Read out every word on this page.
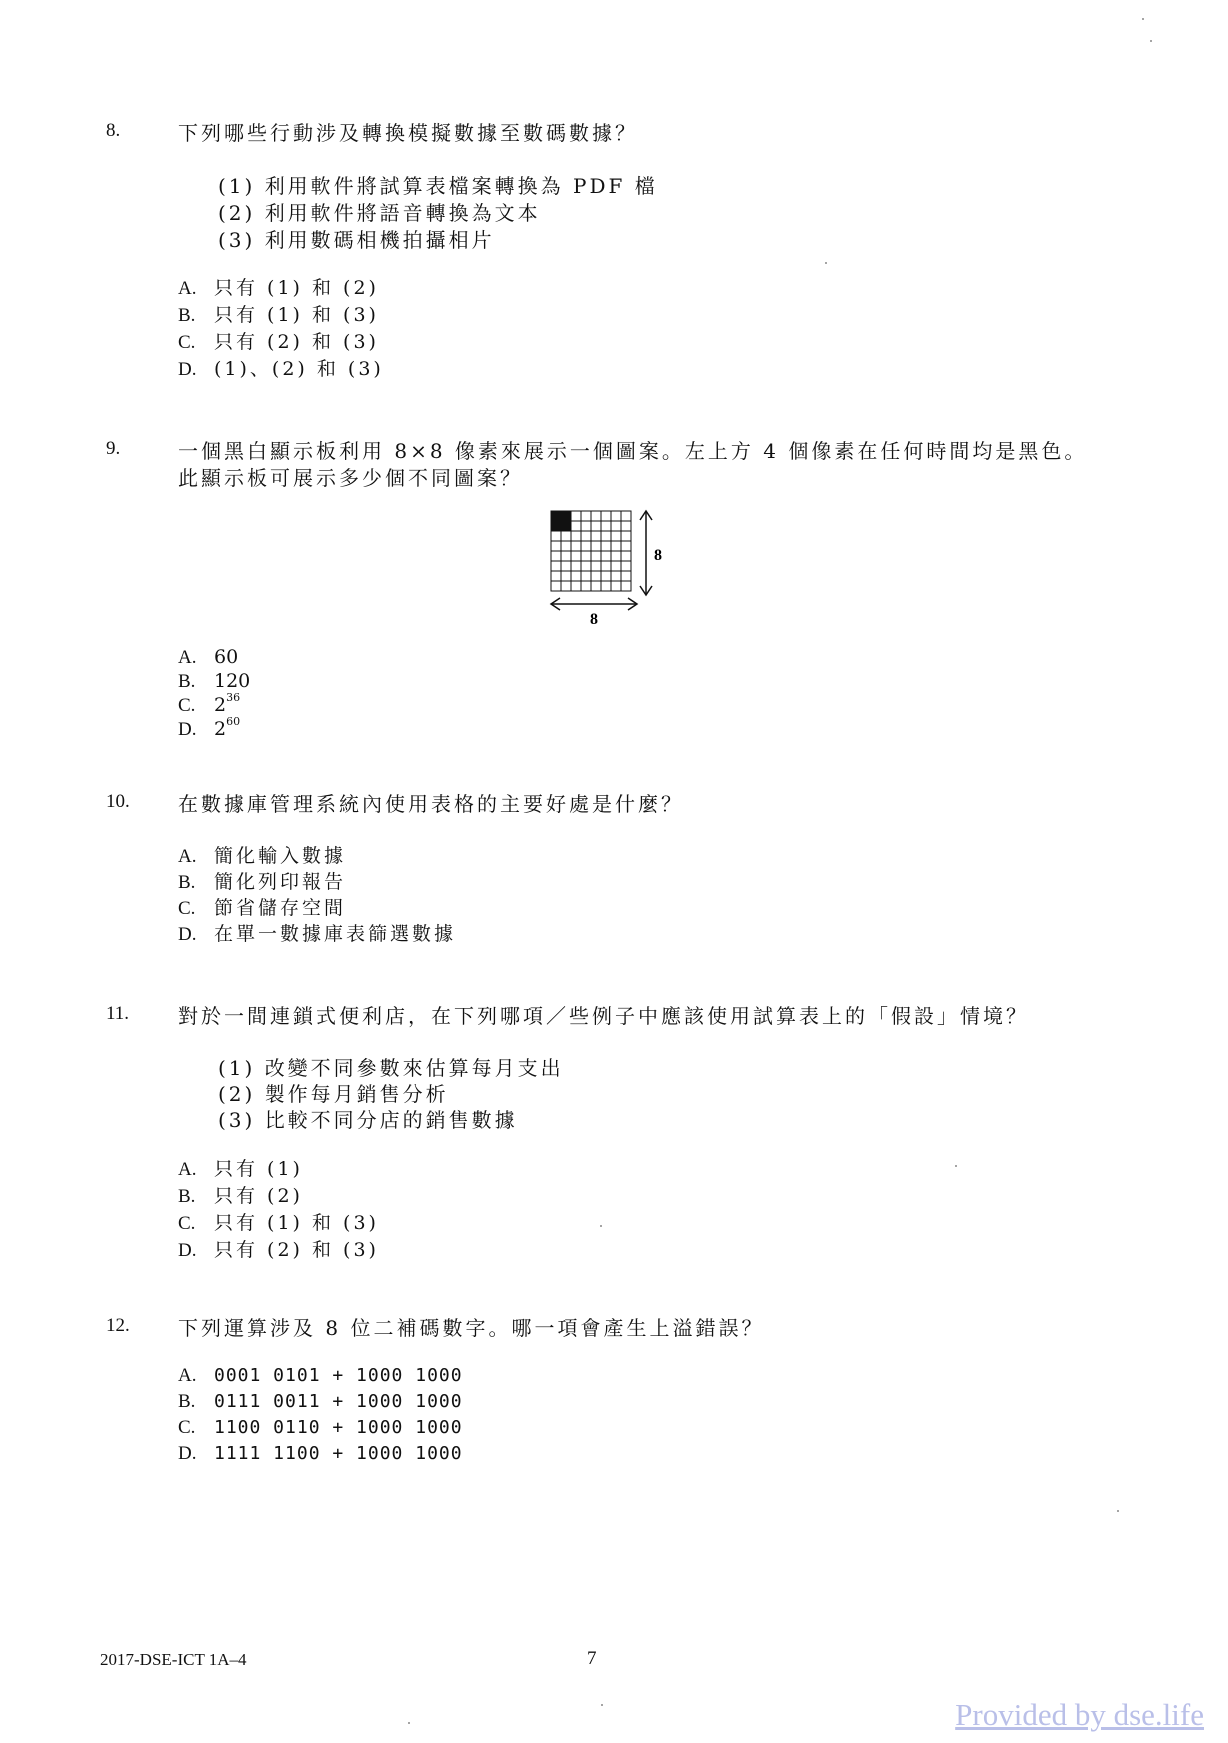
8.	下列哪些行動涉及轉換模擬數據至數碼數據？
(1) 利用軟件將試算表檔案轉換為 PDF 檔
(2) 利用軟件將語音轉換為文本
(3) 利用數碼相機拍攝相片
A. 只有 (1) 和 (2)
B. 只有 (1) 和 (3)
C. 只有 (2) 和 (3)
D. (1)、(2) 和 (3)
9.	一個黑白顯示板利用 8×8 像素來展示一個圖案。左上方 4 個像素在任何時間均是黑色。此顯示板可展示多少個不同圖案？
8
8
A. 60
B. 120
C. $2^{36}$
D. $2^{60}$
10. 在數據庫管理系統內使用表格的主要好處是什麼？
A. 簡化輸入數據
B. 簡化列印報告
C. 節省儲存空間
D. 在單一數據庫表篩選數據
11. 對於一間連鎖式便利店，在下列哪項／些例子中應該使用試算表上的「假設」情境？
(1) 改變不同參數來估算每月支出
(2) 製作每月銷售分析
(3) 比較不同分店的銷售數據
A. 只有 (1)
B. 只有 (2)
C. 只有 (1) 和 (3)
D. 只有 (2) 和 (3)
12. 下列運算涉及 8 位二補碼數字。哪一項會產生上溢錯誤？
A. 0001 0101 + 1000 1000
B. 0111 0011 + 1000 1000
C. 1100 0110 + 1000 1000
D. 1111 1100 + 1000 1000
2017-DSE-ICT 1A–4	7
Provided by dse.life
